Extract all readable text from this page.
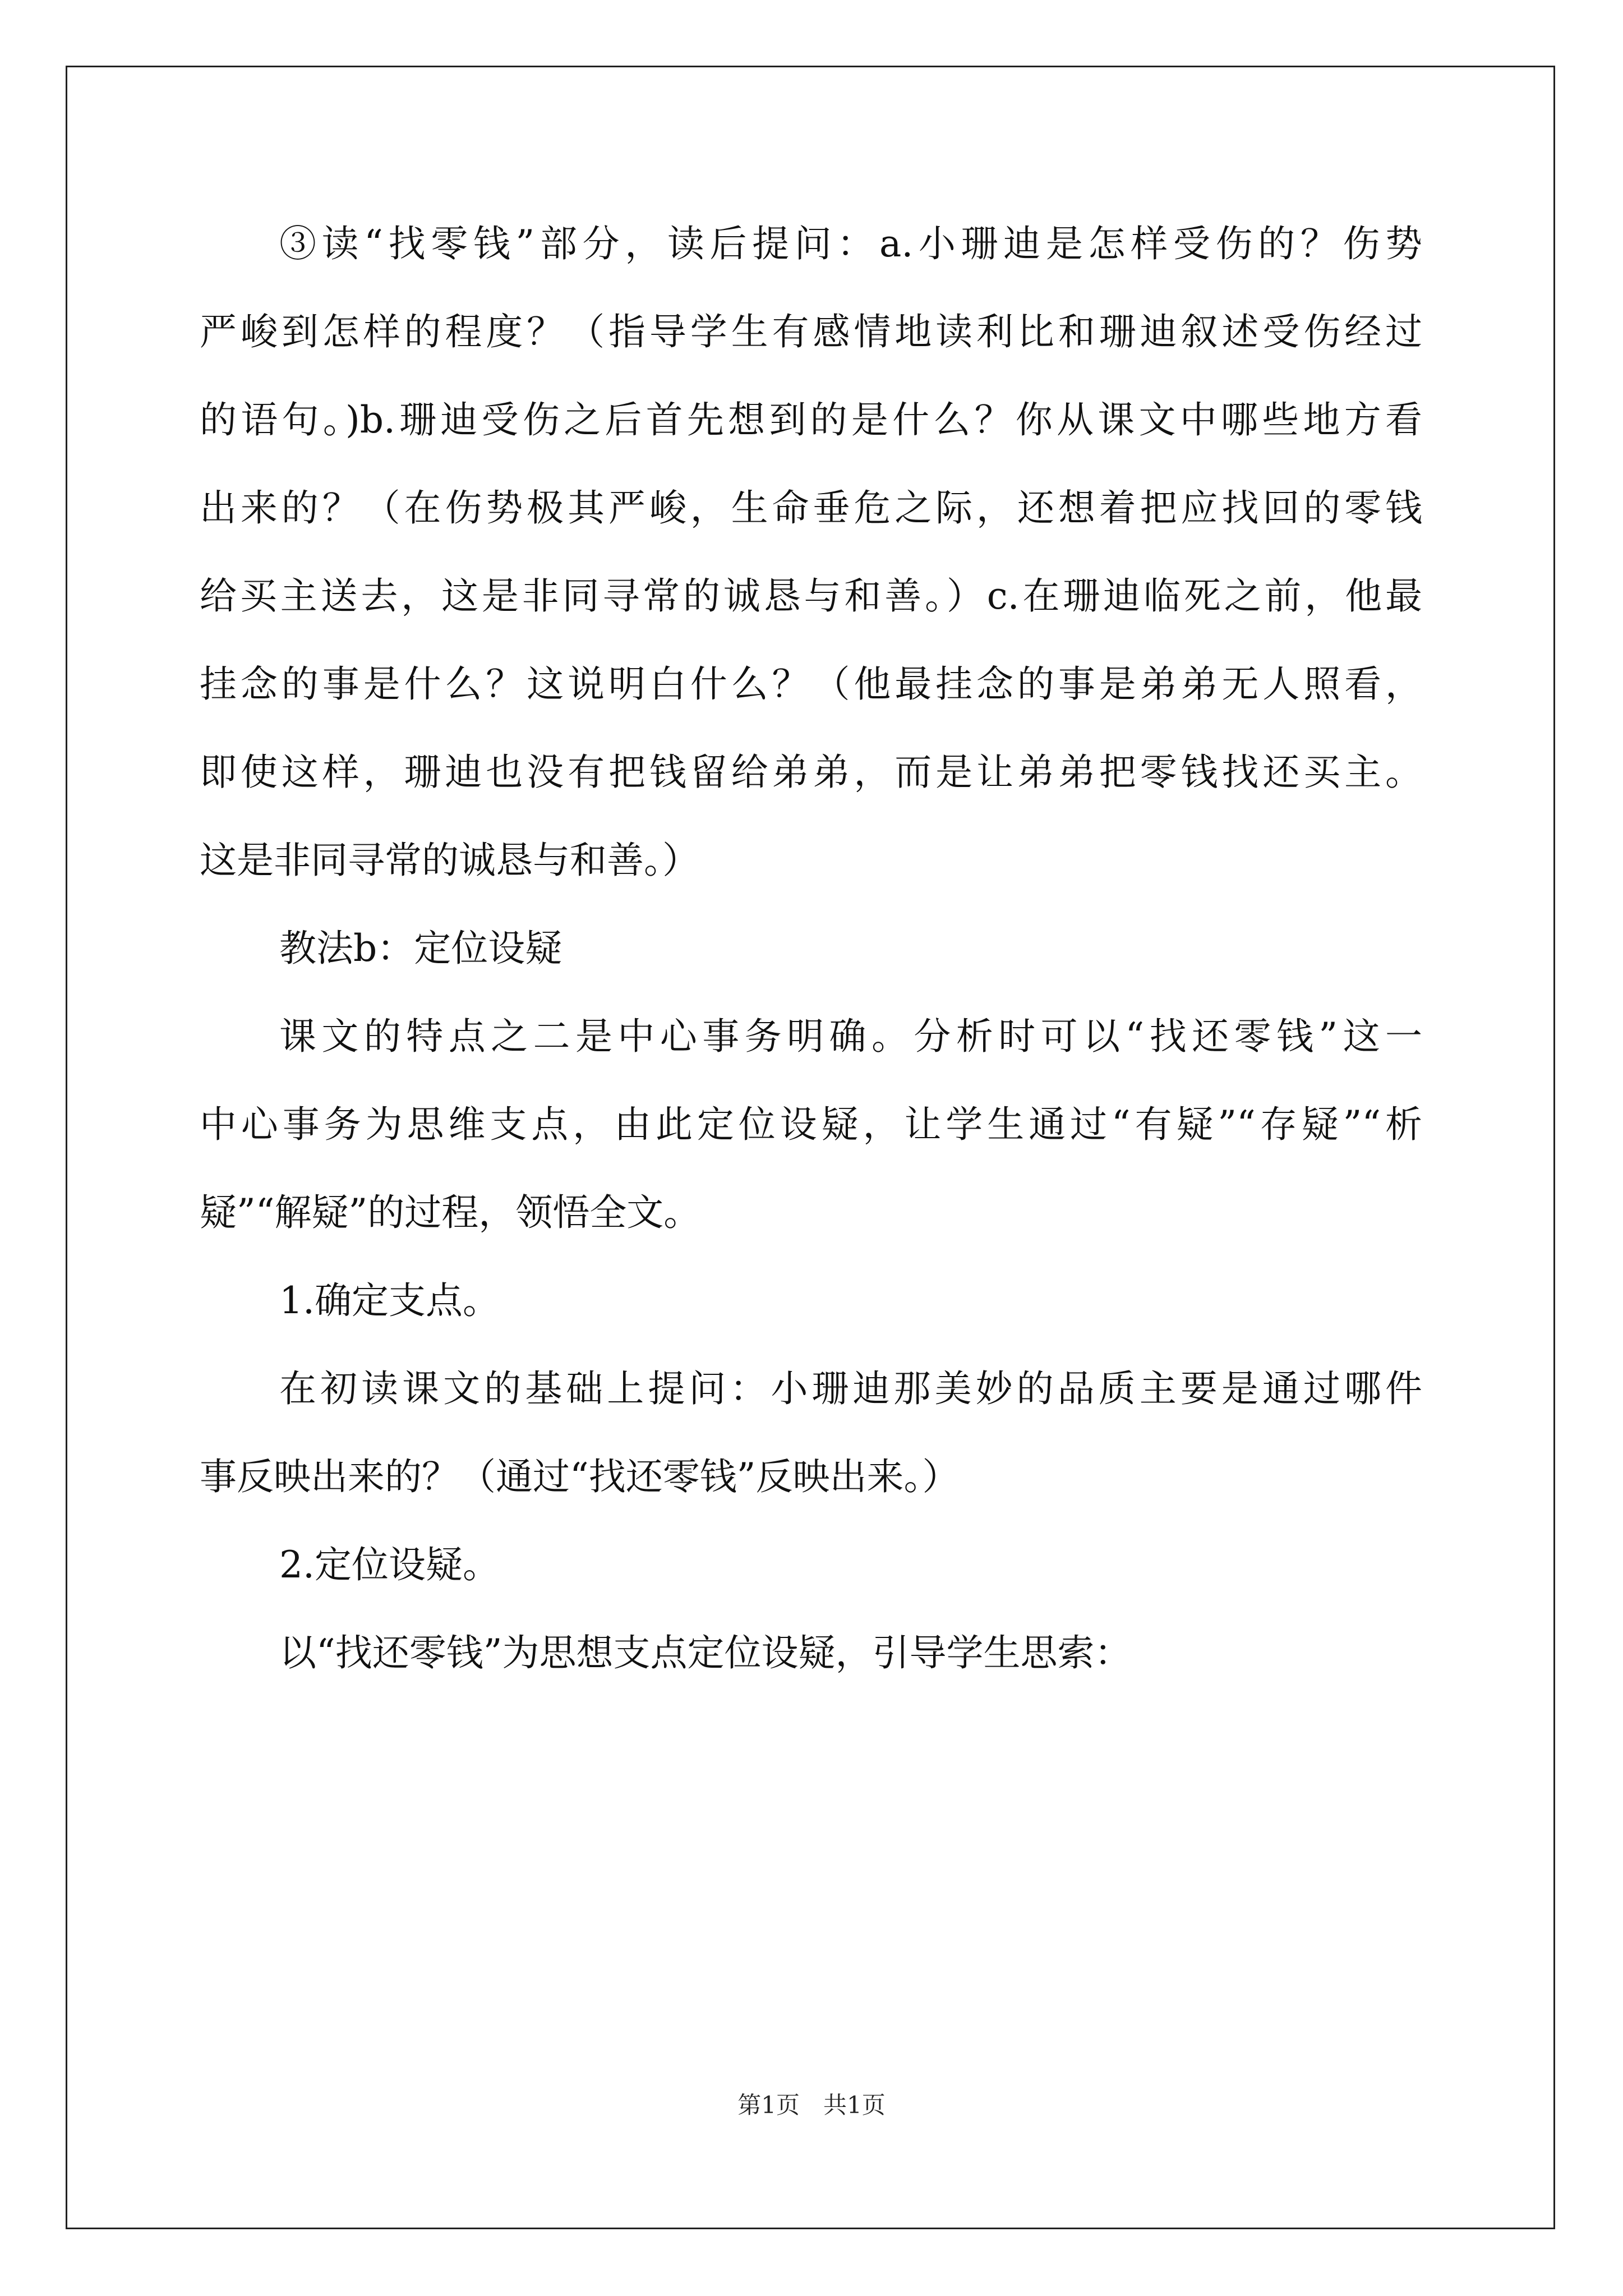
③读“找零钱”部分，读后提问：a.小珊迪是怎样受伤的？伤势
严峻到怎样的程度？（指导学生有感情地读利比和珊迪叙述受伤经过
的语句。)b.珊迪受伤之后首先想到的是什么？你从课文中哪些地方看
出来的？（在伤势极其严峻，生命垂危之际，还想着把应找回的零钱
给买主送去，这是非同寻常的诚恳与和善。）c.在珊迪临死之前，他最
挂念的事是什么？这说明白什么？（他最挂念的事是弟弟无人照看，
即使这样，珊迪也没有把钱留给弟弟，而是让弟弟把零钱找还买主。
这是非同寻常的诚恳与和善。）
教法b：定位设疑
课文的特点之二是中心事务明确。分析时可以“找还零钱”这一
中心事务为思维支点，由此定位设疑，让学生通过“有疑”“存疑”“析
疑”“解疑”的过程，领悟全文。
1.确定支点。
在初读课文的基础上提问：小珊迪那美妙的品质主要是通过哪件
事反映出来的？（通过“找还零钱”反映出来。）
2.定位设疑。
以“找还零钱”为思想支点定位设疑，引导学生思索：
第1页　共1页
